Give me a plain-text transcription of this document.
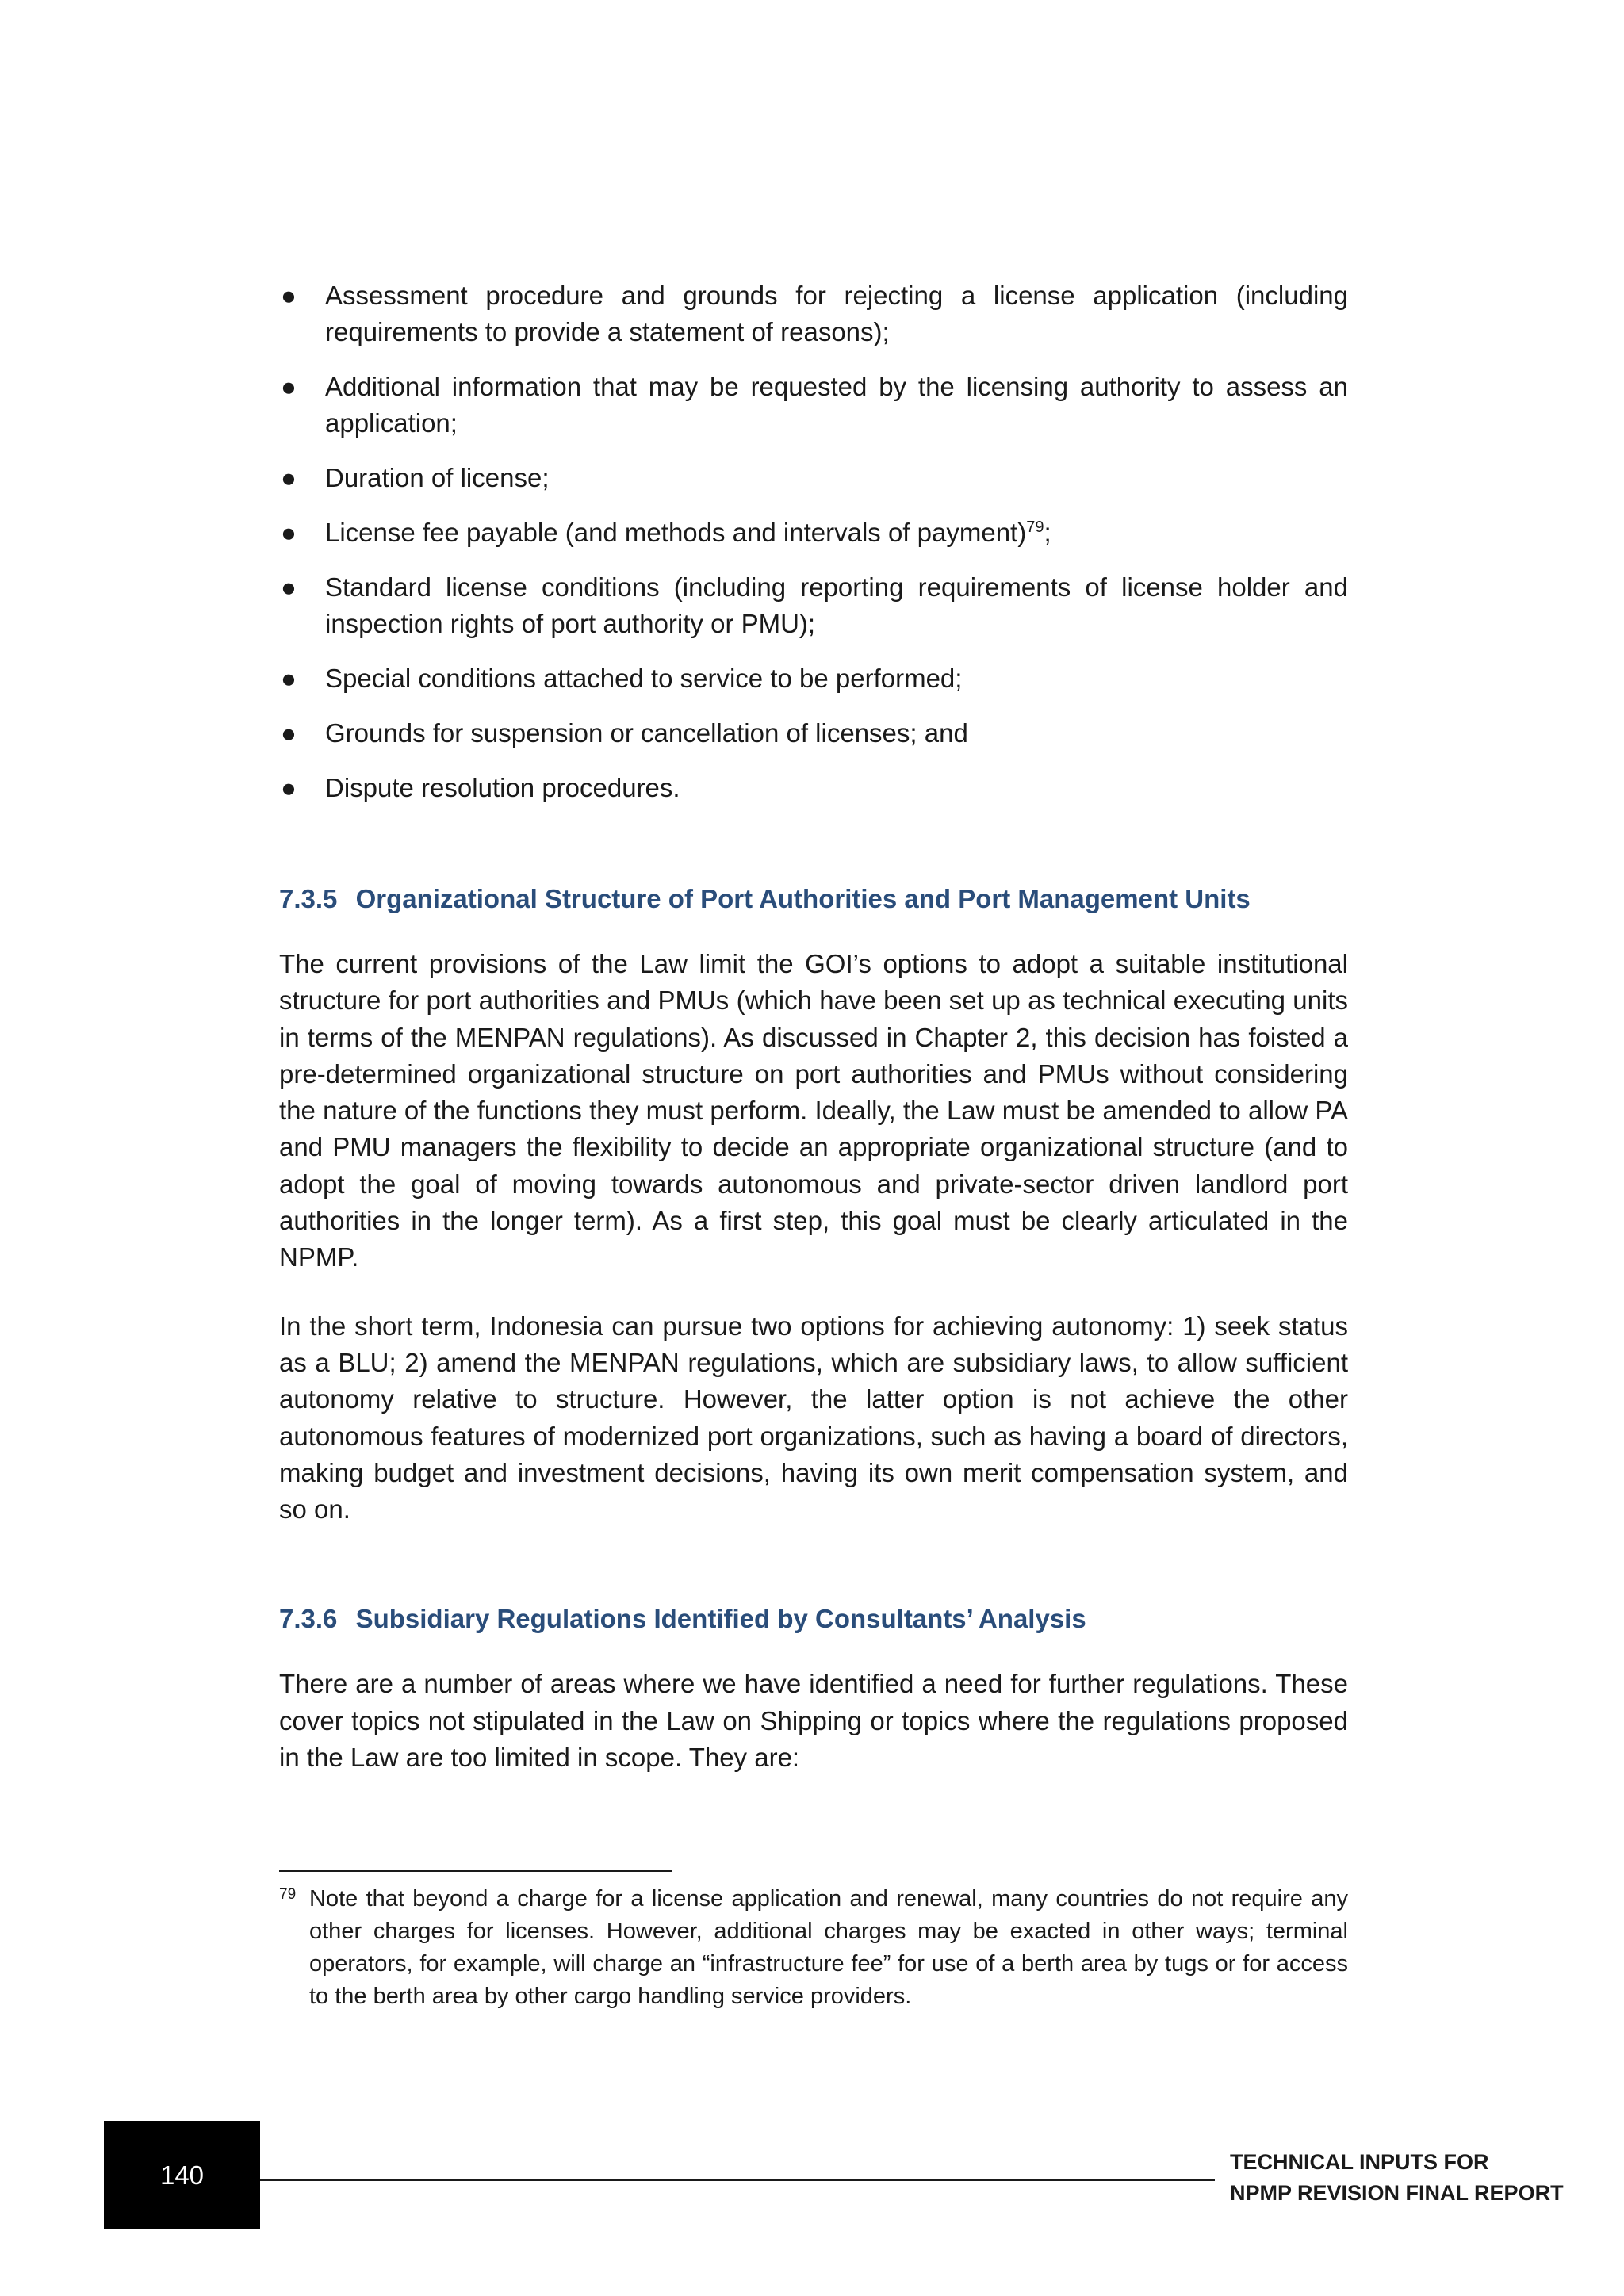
● Assessment procedure and grounds for rejecting a license application (including requirements to provide a statement of reasons);
● Additional information that may be requested by the licensing authority to assess an application;
● Duration of license;
● License fee payable (and methods and intervals of payment)$^{79}$;
● Standard license conditions (including reporting requirements of license holder and inspection rights of port authority or PMU);
● Special conditions attached to service to be performed;
● Grounds for suspension or cancellation of licenses; and
● Dispute resolution procedures.
7.3.5 Organizational Structure of Port Authorities and Port Management Units

The current provisions of the Law limit the GOI’s options to adopt a suitable institutional structure for port authorities and PMUs (which have been set up as technical executing units in terms of the MENPAN regulations). As discussed in Chapter 2, this decision has foisted a pre-determined organizational structure on port authorities and PMUs without considering the nature of the functions they must perform. Ideally, the Law must be amended to allow PA and PMU managers the flexibility to decide an appropriate organizational structure (and to adopt the goal of moving towards autonomous and private-sector driven landlord port authorities in the longer term). As a first step, this goal must be clearly articulated in the NPMP.

In the short term, Indonesia can pursue two options for achieving autonomy: 1) seek status as a BLU; 2) amend the MENPAN regulations, which are subsidiary laws, to allow sufficient autonomy relative to structure. However, the latter option is not achieve the other autonomous features of modernized port organizations, such as having a board of directors, making budget and investment decisions, having its own merit compensation system, and so on.

7.3.6 Subsidiary Regulations Identified by Consultants’ Analysis

There are a number of areas where we have identified a need for further regulations. These cover topics not stipulated in the Law on Shipping or topics where the regulations proposed in the Law are too limited in scope. They are:

79 Note that beyond a charge for a license application and renewal, many countries do not require any other charges for licenses. However, additional charges may be exacted in other ways; terminal operators, for example, will charge an “infrastructure fee” for use of a berth area by tugs or for access to the berth area by other cargo handling service providers.
140	TECHNICAL INPUTS FOR
NPMP REVISION FINAL REPORT
